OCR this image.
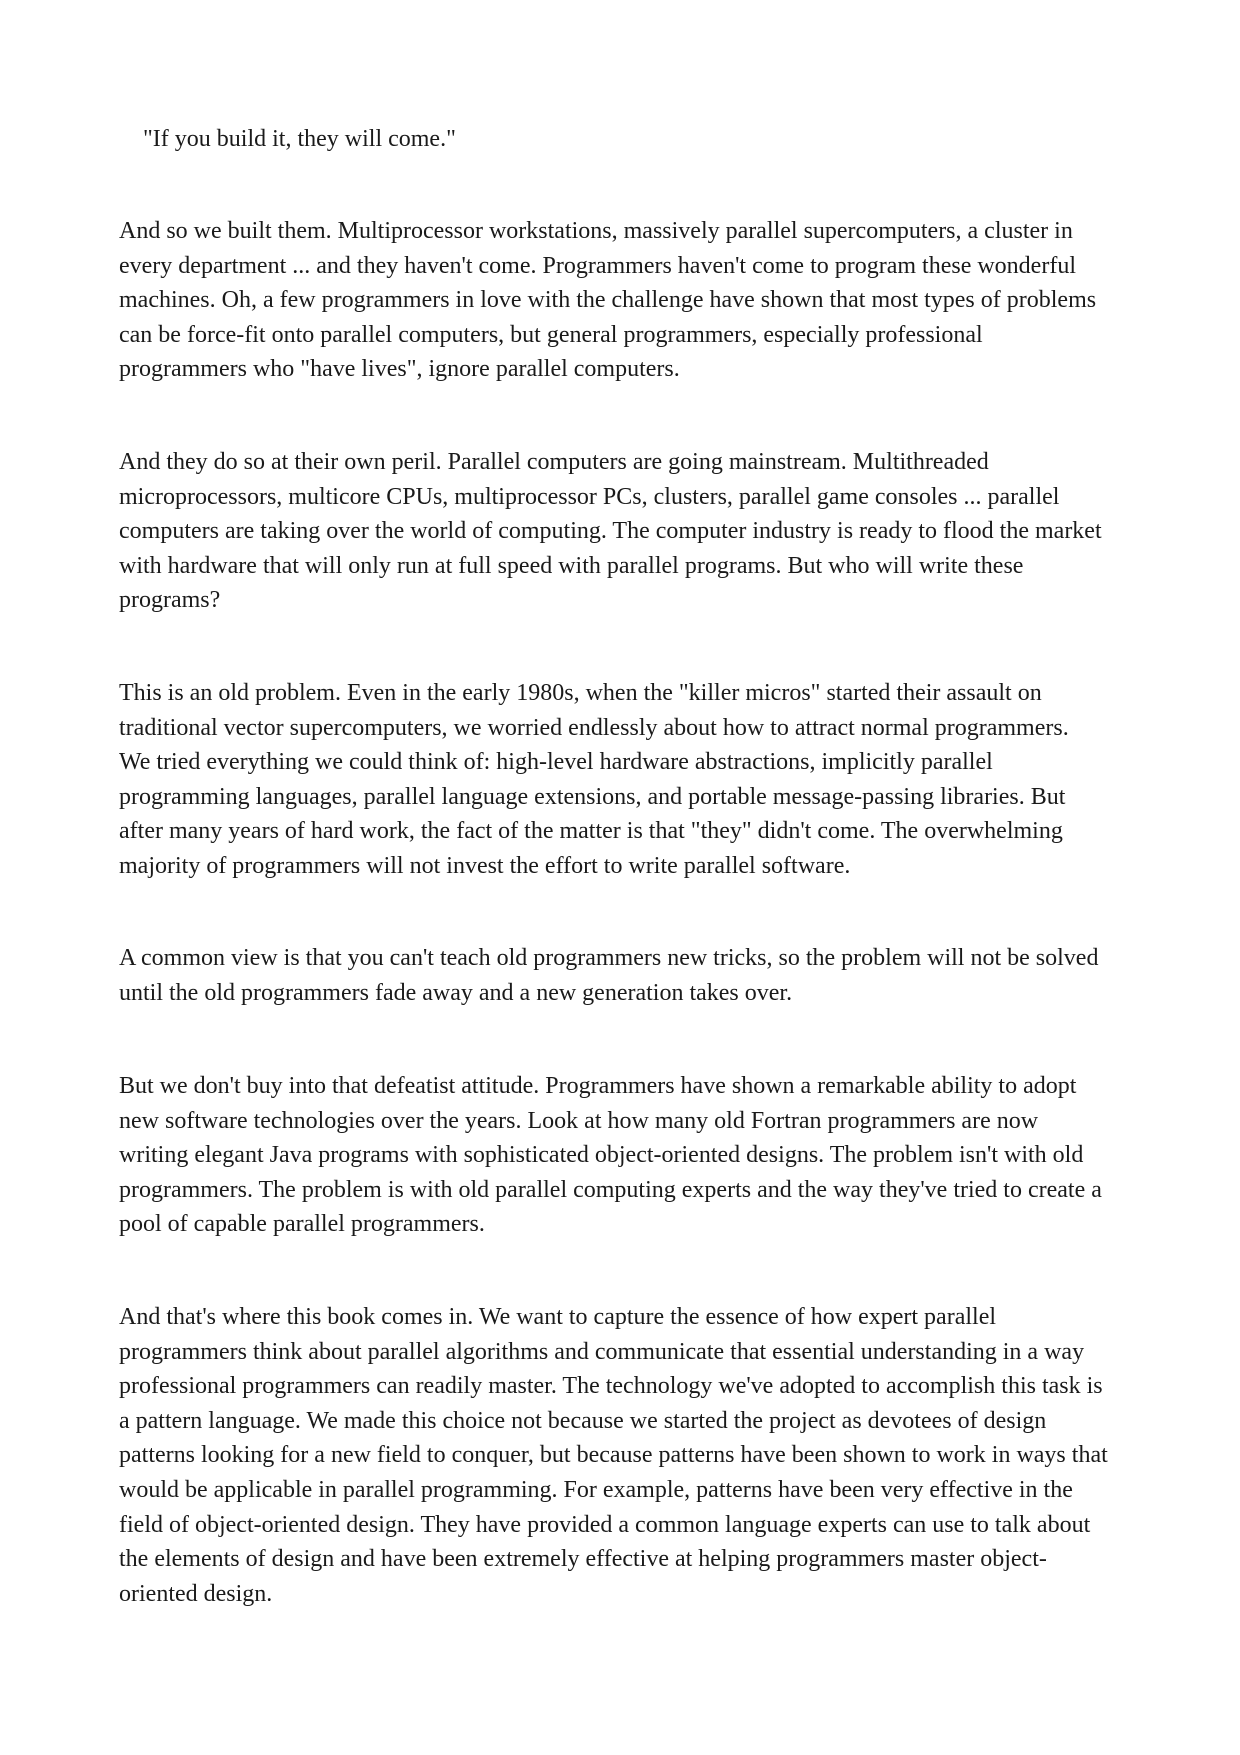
"If you build it, they will come."

And so we built them. Multiprocessor workstations, massively parallel supercomputers, a cluster in
every department ... and they haven't come. Programmers haven't come to program these wonderful
machines. Oh, a few programmers in love with the challenge have shown that most types of problems
can be force-fit onto parallel computers, but general programmers, especially professional
programmers who "have lives", ignore parallel computers.

And they do so at their own peril. Parallel computers are going mainstream. Multithreaded
microprocessors, multicore CPUs, multiprocessor PCs, clusters, parallel game consoles ... parallel
computers are taking over the world of computing. The computer industry is ready to flood the market
with hardware that will only run at full speed with parallel programs. But who will write these
programs?

This is an old problem. Even in the early 1980s, when the "killer micros" started their assault on
traditional vector supercomputers, we worried endlessly about how to attract normal programmers.
We tried everything we could think of: high-level hardware abstractions, implicitly parallel
programming languages, parallel language extensions, and portable message-passing libraries. But
after many years of hard work, the fact of the matter is that "they" didn't come. The overwhelming
majority of programmers will not invest the effort to write parallel software.

A common view is that you can't teach old programmers new tricks, so the problem will not be solved
until the old programmers fade away and a new generation takes over.

But we don't buy into that defeatist attitude. Programmers have shown a remarkable ability to adopt
new software technologies over the years. Look at how many old Fortran programmers are now
writing elegant Java programs with sophisticated object-oriented designs. The problem isn't with old
programmers. The problem is with old parallel computing experts and the way they've tried to create a
pool of capable parallel programmers.

And that's where this book comes in. We want to capture the essence of how expert parallel
programmers think about parallel algorithms and communicate that essential understanding in a way
professional programmers can readily master. The technology we've adopted to accomplish this task is
a pattern language. We made this choice not because we started the project as devotees of design
patterns looking for a new field to conquer, but because patterns have been shown to work in ways that
would be applicable in parallel programming. For example, patterns have been very effective in the
field of object-oriented design. They have provided a common language experts can use to talk about
the elements of design and have been extremely effective at helping programmers master object-
oriented design.
